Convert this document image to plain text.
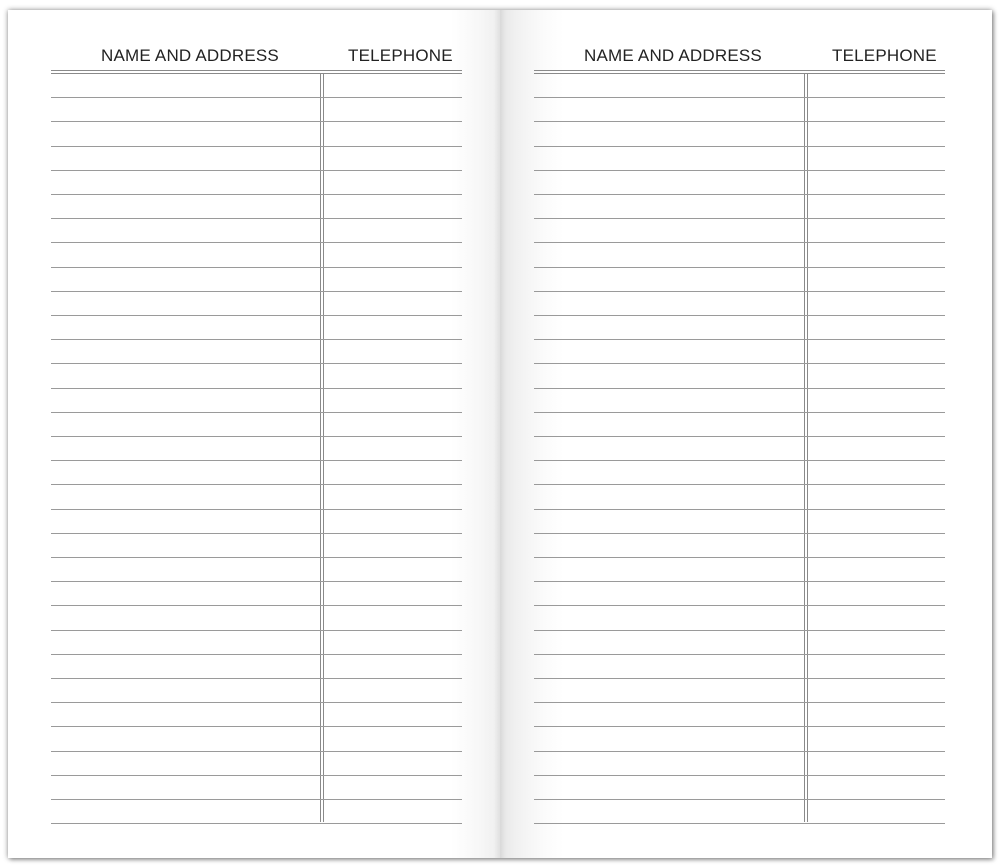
NAME AND ADDRESS	TELEPHONE	NAME AND ADDRESS	TELEPHONE
